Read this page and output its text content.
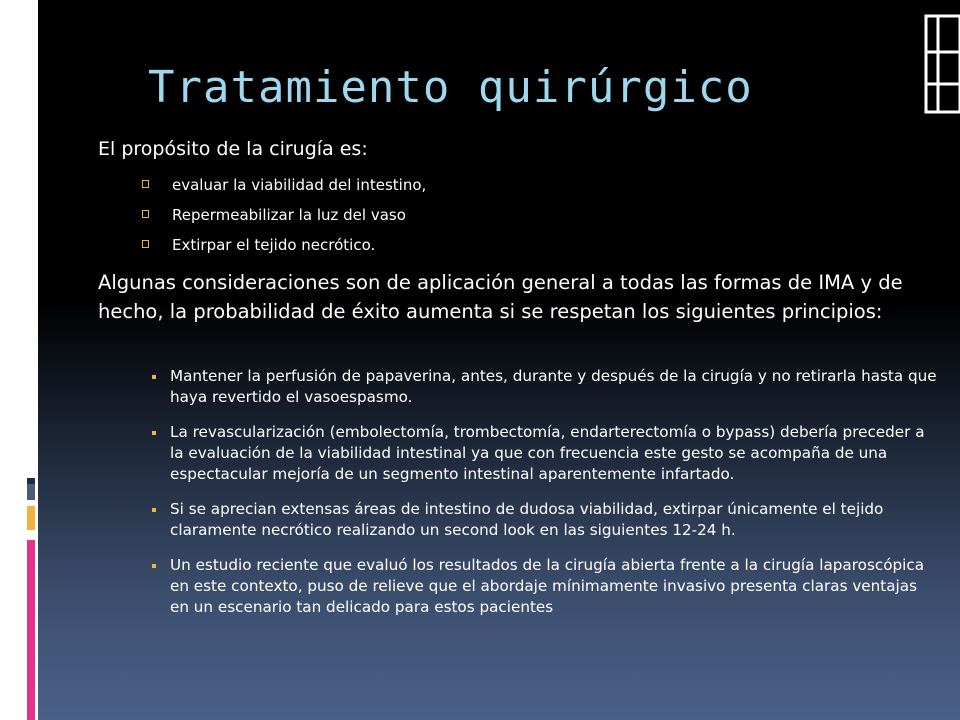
Tratamiento quirúrgico
El propósito de la cirugía es:
evaluar la viabilidad del intestino,
Repermeabilizar la luz del vaso
Extirpar el tejido necrótico.

Algunas consideraciones son de aplicación general a todas las formas de IMA y de hecho, la probabilidad de éxito aumenta si se respetan los siguientes principios:

Mantener la perfusión de papaverina, antes, durante y después de la cirugía y no retirarla hasta que haya revertido el vasoespasmo.
La revascularización (embolectomía, trombectomía, endarterectomía o bypass) debería preceder a la evaluación de la viabilidad intestinal ya que con frecuencia este gesto se acompaña de una espectacular mejoría de un segmento intestinal aparentemente infartado.
Si se aprecian extensas áreas de intestino de dudosa viabilidad, extirpar únicamente el tejido claramente necrótico realizando un second look en las siguientes 12-24 h.
Un estudio reciente que evaluó los resultados de la cirugía abierta frente a la cirugía laparoscópica en este contexto, puso de relieve que el abordaje mínimamente invasivo presenta claras ventajas en un escenario tan delicado para estos pacientes
